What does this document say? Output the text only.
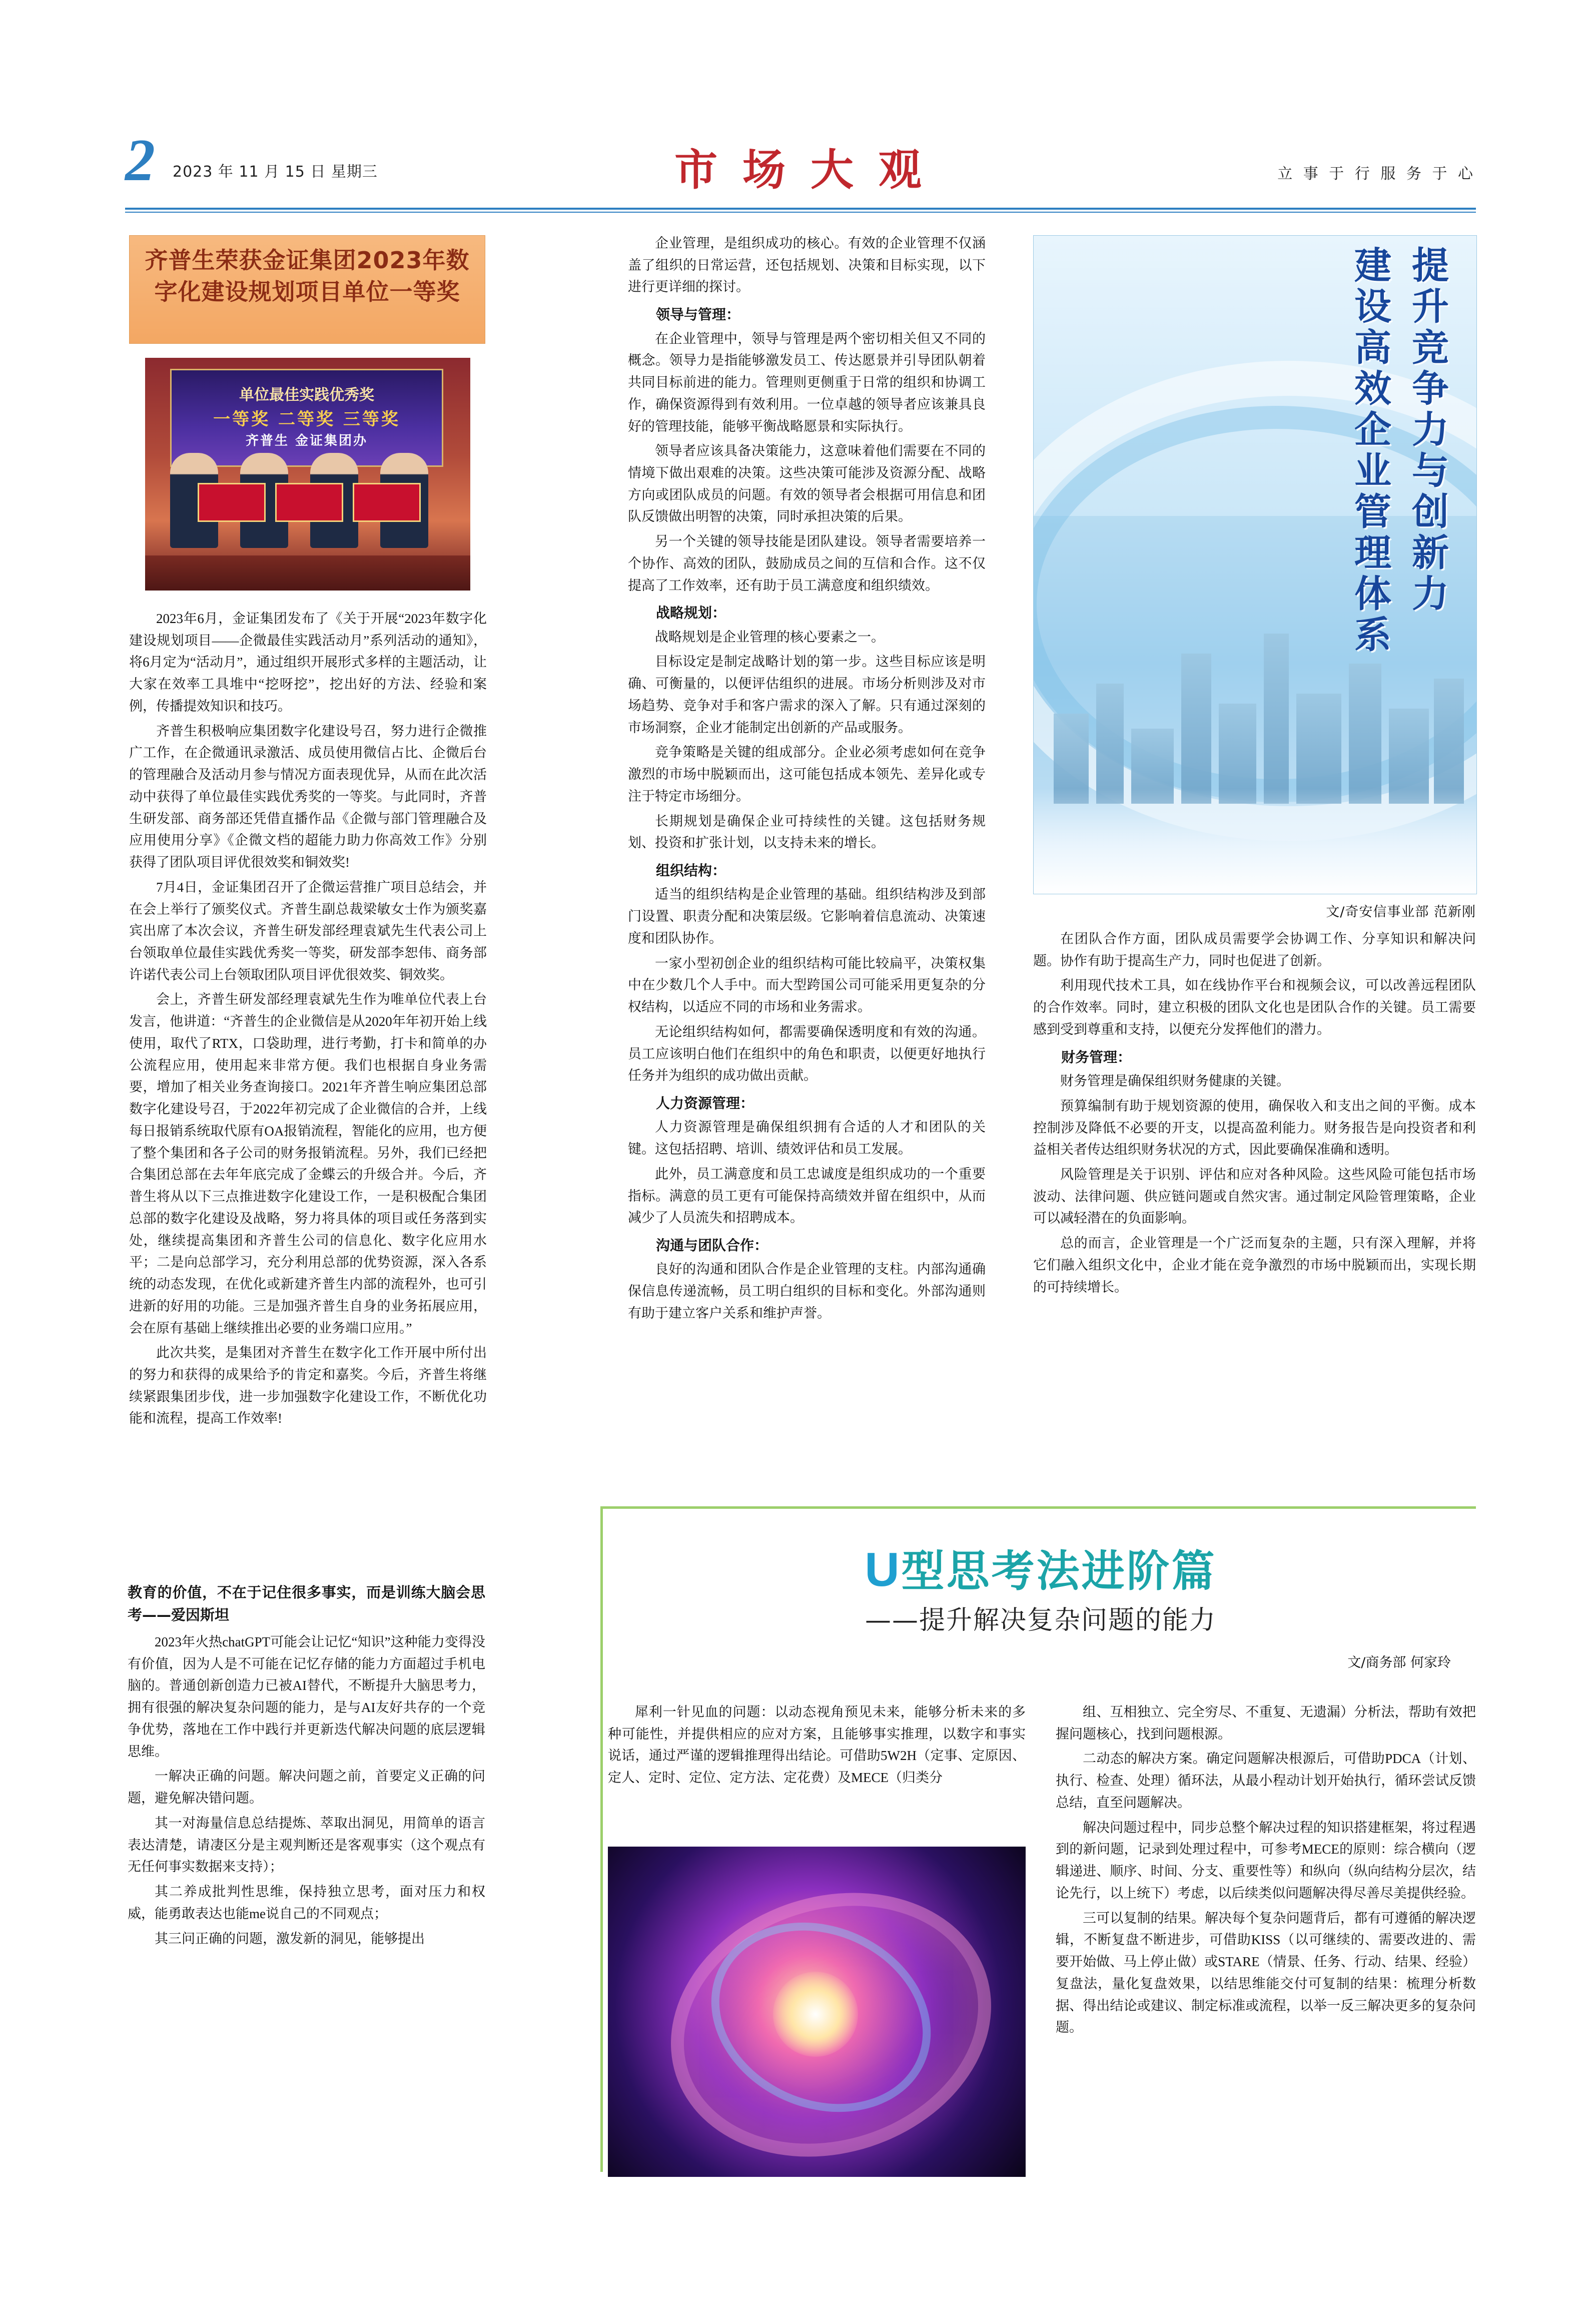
2 2023 年 11 月 15 日 星期三	市 场 大 观	立 事 于 行 服 务 于 心
齐普生荣获金证集团2023年数字化建设规划项目单位一等奖
单位最佳实践优秀奖
一等奖 二等奖 三等奖
齐普生 金证集团办

2023年6月，金证集团发布了《关于开展“2023年数字化建设规划项目——企微最佳实践活动月”系列活动的通知》，将6月定为“活动月”，通过组织开展形式多样的主题活动，让大家在效率工具堆中“挖呀挖”，挖出好的方法、经验和案例，传播提效知识和技巧。

齐普生积极响应集团数字化建设号召，努力进行企微推广工作，在企微通讯录激活、成员使用微信占比、企微后台的管理融合及活动月参与情况方面表现优异，从而在此次活动中获得了单位最佳实践优秀奖的一等奖。与此同时，齐普生研发部、商务部还凭借直播作品《企微与部门管理融合及应用使用分享》《企微文档的超能力助力你高效工作》分别获得了团队项目评优很效奖和铜效奖!

7月4日，金证集团召开了企微运营推广项目总结会，并在会上举行了颁奖仪式。齐普生副总裁梁敏女士作为颁奖嘉宾出席了本次会议，齐普生研发部经理袁斌先生代表公司上台领取单位最佳实践优秀奖一等奖，研发部李恕伟、商务部许诺代表公司上台领取团队项目评优很效奖、铜效奖。

会上，齐普生研发部经理袁斌先生作为唯单位代表上台发言，他讲道：“齐普生的企业微信是从2020年年初开始上线使用，取代了RTX，口袋助理，进行考勤，打卡和简单的办公流程应用，使用起来非常方便。我们也根据自身业务需要，增加了相关业务查询接口。2021年齐普生响应集团总部数字化建设号召，于2022年初完成了企业微信的合并，上线每日报销系统取代原有OA报销流程，智能化的应用，也方便了整个集团和各子公司的财务报销流程。另外，我们已经把合集团总部在去年年底完成了金蝶云的升级合并。今后，齐普生将从以下三点推进数字化建设工作，一是积极配合集团总部的数字化建设及战略，努力将具体的项目或任务落到实处，继续提高集团和齐普生公司的信息化、数字化应用水平；二是向总部学习，充分利用总部的优势资源，深入各系统的动态发现，在优化或新建齐普生内部的流程外，也可引进新的好用的功能。三是加强齐普生自身的业务拓展应用，会在原有基础上继续推出必要的业务端口应用。”

此次共奖，是集团对齐普生在数字化工作开展中所付出的努力和获得的成果给予的肯定和嘉奖。今后，齐普生将继续紧跟集团步伐，进一步加强数字化建设工作，不断优化功能和流程，提高工作效率!

教育的价值，不在于记住很多事实，而是训练大脑会思考——爱因斯坦

2023年火热chatGPT可能会让记忆“知识”这种能力变得没有价值，因为人是不可能在记忆存储的能力方面超过手机电脑的。普通创新创造力已被AI替代，不断提升大脑思考力，拥有很强的解决复杂问题的能力，是与AI友好共存的一个竞争优势，落地在工作中践行并更新迭代解决问题的底层逻辑思维。

一解决正确的问题。解决问题之前，首要定义正确的问题，避免解决错问题。

其一对海量信息总结提炼、萃取出洞见，用简单的语言表达清楚，请凄区分是主观判断还是客观事实（这个观点有无任何事实数据来支持）；

其二养成批判性思维，保持独立思考，面对压力和权威，能勇敢表达也能me说自己的不同观点；

其三问正确的问题，激发新的洞见，能够提出

企业管理，是组织成功的核心。有效的企业管理不仅涵盖了组织的日常运营，还包括规划、决策和目标实现，以下进行更详细的探讨。

领导与管理：

在企业管理中，领导与管理是两个密切相关但又不同的概念。领导力是指能够激发员工、传达愿景并引导团队朝着共同目标前进的能力。管理则更侧重于日常的组织和协调工作，确保资源得到有效利用。一位卓越的领导者应该兼具良好的管理技能，能够平衡战略愿景和实际执行。

领导者应该具备决策能力，这意味着他们需要在不同的情境下做出艰难的决策。这些决策可能涉及资源分配、战略方向或团队成员的问题。有效的领导者会根据可用信息和团队反馈做出明智的决策，同时承担决策的后果。

另一个关键的领导技能是团队建设。领导者需要培养一个协作、高效的团队，鼓励成员之间的互信和合作。这不仅提高了工作效率，还有助于员工满意度和组织绩效。

战略规划：

战略规划是企业管理的核心要素之一。

目标设定是制定战略计划的第一步。这些目标应该是明确、可衡量的，以便评估组织的进展。市场分析则涉及对市场趋势、竞争对手和客户需求的深入了解。只有通过深刻的市场洞察，企业才能制定出创新的产品或服务。

竞争策略是关键的组成部分。企业必须考虑如何在竞争激烈的市场中脱颖而出，这可能包括成本领先、差异化或专注于特定市场细分。

长期规划是确保企业可持续性的关键。这包括财务规划、投资和扩张计划，以支持未来的增长。

组织结构：

适当的组织结构是企业管理的基础。组织结构涉及到部门设置、职责分配和决策层级。它影响着信息流动、决策速度和团队协作。

一家小型初创企业的组织结构可能比较扁平，决策权集中在少数几个人手中。而大型跨国公司可能采用更复杂的分权结构，以适应不同的市场和业务需求。

无论组织结构如何，都需要确保透明度和有效的沟通。员工应该明白他们在组织中的角色和职责，以便更好地执行任务并为组织的成功做出贡献。

人力资源管理：

人力资源管理是确保组织拥有合适的人才和团队的关键。这包括招聘、培训、绩效评估和员工发展。

此外，员工满意度和员工忠诚度是组织成功的一个重要指标。满意的员工更有可能保持高绩效并留在组织中，从而减少了人员流失和招聘成本。

沟通与团队合作：

良好的沟通和团队合作是企业管理的支柱。内部沟通确保信息传递流畅，员工明白组织的目标和变化。外部沟通则有助于建立客户关系和维护声誉。

提升竞争力与创新力
建设高效企业管理体系
文/奇安信事业部 范新刚

在团队合作方面，团队成员需要学会协调工作、分享知识和解决问题。协作有助于提高生产力，同时也促进了创新。

利用现代技术工具，如在线协作平台和视频会议，可以改善远程团队的合作效率。同时，建立积极的团队文化也是团队合作的关键。员工需要感到受到尊重和支持，以便充分发挥他们的潜力。

财务管理：

财务管理是确保组织财务健康的关键。

预算编制有助于规划资源的使用，确保收入和支出之间的平衡。成本控制涉及降低不必要的开支，以提高盈利能力。财务报告是向投资者和利益相关者传达组织财务状况的方式，因此要确保准确和透明。

风险管理是关于识别、评估和应对各种风险。这些风险可能包括市场波动、法律问题、供应链问题或自然灾害。通过制定风险管理策略，企业可以减轻潜在的负面影响。

总的而言，企业管理是一个广泛而复杂的主题，只有深入理解，并将它们融入组织文化中，企业才能在竞争激烈的市场中脱颖而出，实现长期的可持续增长。

U型思考法进阶篇
——提升解决复杂问题的能力
文/商务部 何家玲

犀利一针见血的问题：以动态视角预见未来，能够分析未来的多种可能性，并提供相应的应对方案，且能够事实推理，以数字和事实说话，通过严谨的逻辑推理得出结论。可借助5W2H（定事、定原因、定人、定时、定位、定方法、定花费）及MECE（归类分

组、互相独立、完全穷尽、不重复、无遗漏）分析法，帮助有效把握问题核心，找到问题根源。

二动态的解决方案。确定问题解决根源后，可借助PDCA（计划、执行、检查、处理）循环法，从最小程动计划开始执行，循环尝试反馈总结，直至问题解决。

解决问题过程中，同步总整个解决过程的知识搭建框架，将过程遇到的新问题，记录到处理过程中，可参考MECE的原则：综合横向（逻辑递进、顺序、时间、分支、重要性等）和纵向（纵向结构分层次，结论先行，以上统下）考虑，以后续类似问题解决得尽善尽美提供经验。

三可以复制的结果。解决每个复杂问题背后，都有可遵循的解决逻辑，不断复盘不断进步，可借助KISS（以可继续的、需要改进的、需要开始做、马上停止做）或STARE（情景、任务、行动、结果、经验）复盘法，量化复盘效果，以结思维能交付可复制的结果：梳理分析数据、得出结论或建议、制定标准或流程，以举一反三解决更多的复杂问题。
